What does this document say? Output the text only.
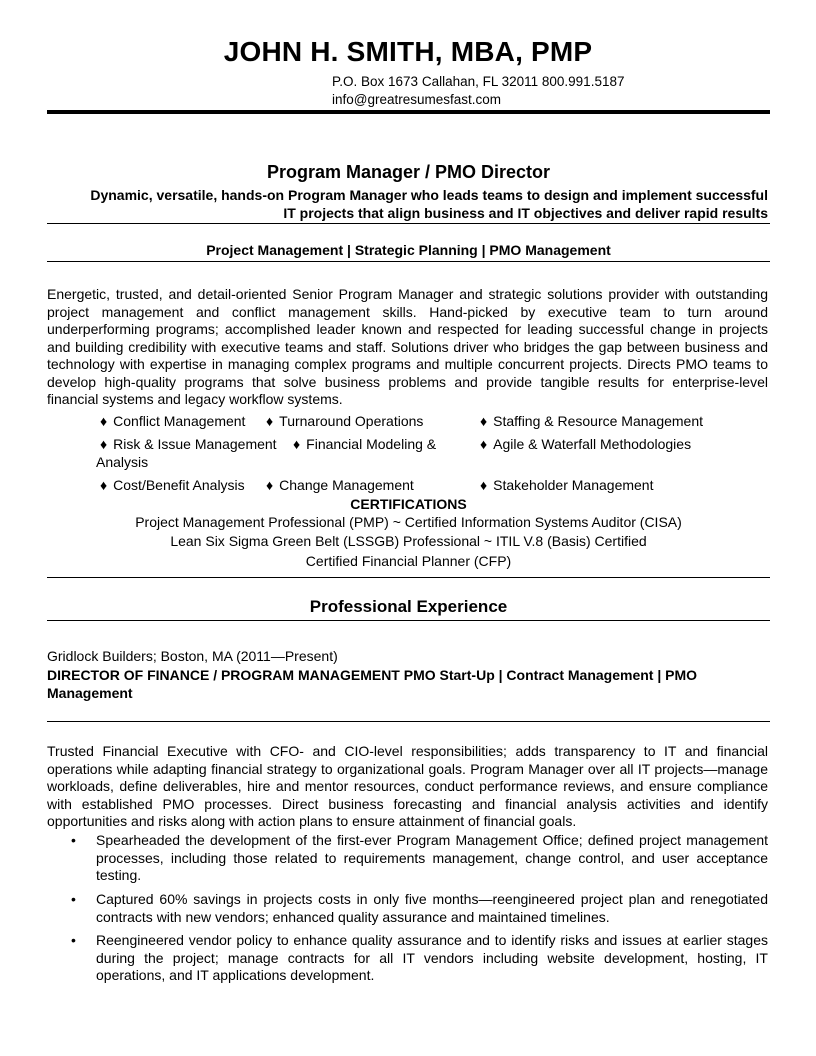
JOHN H. SMITH, MBA, PMP
P.O. Box 1673 Callahan, FL 32011 800.991.5187
info@greatresumesfast.com
Program Manager / PMO Director
Dynamic, versatile, hands-on Program Manager who leads teams to design and implement successful
IT projects that align business and IT objectives and deliver rapid results
Project Management | Strategic Planning | PMO Management

Energetic, trusted, and detail-oriented Senior Program Manager and strategic solutions provider with outstanding project management and conflict management skills. Hand-picked by executive team to turn around underperforming programs; accomplished leader known and respected for leading successful change in projects and building credibility with executive teams and staff. Solutions driver who bridges the gap between business and technology with expertise in managing complex programs and multiple concurrent projects. Directs PMO teams to develop high-quality programs that solve business problems and provide tangible results for enterprise-level financial systems and legacy workflow systems.

♦ Conflict Management ♦ Turnaround Operations	♦ Staffing & Resource Management
♦ Risk & Issue Management ♦ Financial Modeling &	♦ Agile & Waterfall Methodologies
Analysis
♦ Cost/Benefit Analysis ♦ Change Management	♦ Stakeholder Management
CERTIFICATIONS
Project Management Professional (PMP) ~ Certified Information Systems Auditor (CISA)
Lean Six Sigma Green Belt (LSSGB) Professional ~ ITIL V.8 (Basis) Certified
Certified Financial Planner (CFP)
Professional Experience
Gridlock Builders; Boston, MA (2011—Present)
DIRECTOR OF FINANCE / PROGRAM MANAGEMENT PMO Start-Up | Contract Management | PMO
Management

Trusted Financial Executive with CFO- and CIO-level responsibilities; adds transparency to IT and financial operations while adapting financial strategy to organizational goals. Program Manager over all IT projects—manage workloads, define deliverables, hire and mentor resources, conduct performance reviews, and ensure compliance with established PMO processes. Direct business forecasting and financial analysis activities and identify opportunities and risks along with action plans to ensure attainment of financial goals.

• Spearheaded the development of the first-ever Program Management Office; defined project management processes, including those related to requirements management, change control, and user acceptance testing.
• Captured 60% savings in projects costs in only five months—reengineered project plan and renegotiated contracts with new vendors; enhanced quality assurance and maintained timelines.
• Reengineered vendor policy to enhance quality assurance and to identify risks and issues at earlier stages during the project; manage contracts for all IT vendors including website development, hosting, IT operations, and IT applications development.
